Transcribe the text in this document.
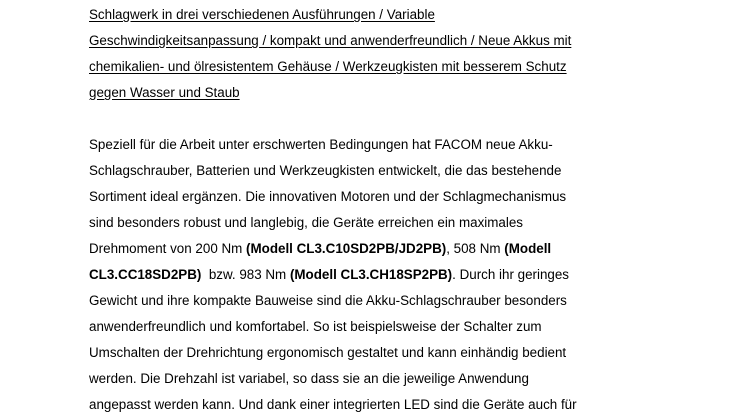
Schlagwerk in drei verschiedenen Ausführungen / Variable
Geschwindigkeitsanpassung / kompakt und anwenderfreundlich / Neue Akkus mit
chemikalien- und ölresistentem Gehäuse / Werkzeugkisten mit besserem Schutz
gegen Wasser und Staub
Speziell für die Arbeit unter erschwerten Bedingungen hat FACOM neue Akku-
Schlagschrauber, Batterien und Werkzeugkisten entwickelt, die das bestehende
Sortiment ideal ergänzen. Die innovativen Motoren und der Schlagmechanismus
sind besonders robust und langlebig, die Geräte erreichen ein maximales
Drehmoment von 200 Nm (Modell CL3.C10SD2PB/JD2PB), 508 Nm (Modell
CL3.CC18SD2PB)  bzw. 983 Nm (Modell CL3.CH18SP2PB). Durch ihr geringes
Gewicht und ihre kompakte Bauweise sind die Akku-Schlagschrauber besonders
anwenderfreundlich und komfortabel. So ist beispielsweise der Schalter zum
Umschalten der Drehrichtung ergonomisch gestaltet und kann einhändig bedient
werden. Die Drehzahl ist variabel, so dass sie an die jeweilige Anwendung
angepasst werden kann. Und dank einer integrierten LED sind die Geräte auch für
